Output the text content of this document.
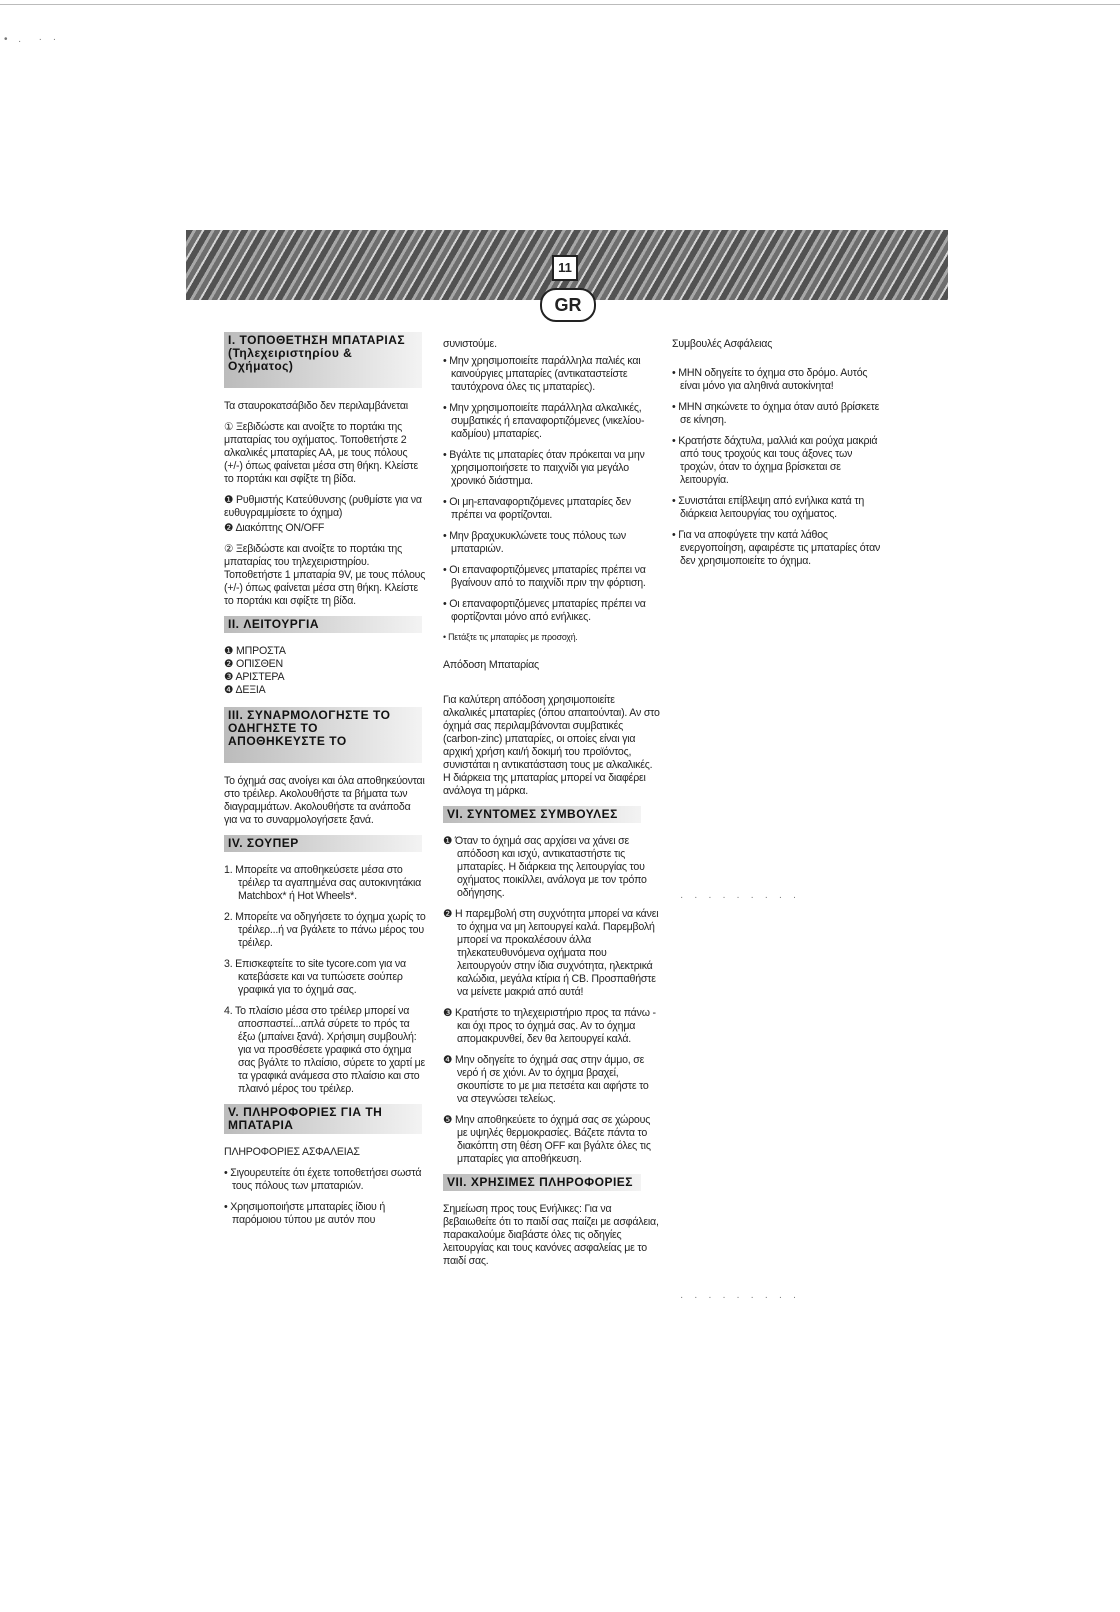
• .  · ·
11
GR
I. ΤΟΠΟΘΕΤΗΣΗ ΜΠΑΤΑΡΙΑΣ (Τηλεχειριστηρίου & Οχήματος)

Τα σταυροκατσάβιδο δεν περιλαμβάνεται

① Ξεβιδώστε και ανοίξτε το πορτάκι της μπαταρίας του οχήματος. Τοποθετήστε 2 αλκαλικές μπαταρίες ΑΑ, με τους πόλους (+/-) όπως φαίνεται μέσα στη θήκη. Κλείστε το πορτάκι και σφίξτε τη βίδα.

❶ Ρυθμιστής Κατεύθυνσης (ρυθμίστε για να ευθυγραμμίσετε το όχημα)

❷ Διακόπτης ON/OFF

② Ξεβιδώστε και ανοίξτε το πορτάκι της μπαταρίας του τηλεχειριστηρίου. Τοποθετήστε 1 μπαταρία 9V, με τους πόλους (+/-) όπως φαίνεται μέσα στη θήκη. Κλείστε το πορτάκι και σφίξτε τη βίδα.

II. ΛΕΙΤΟΥΡΓΙΑ
❶ ΜΠΡΟΣΤΑ
❷ ΟΠΙΣΘΕΝ
❸ ΑΡΙΣΤΕΡΑ
❹ ΔΕΞΙΑ
III. ΣΥΝΑΡΜΟΛΟΓΗΣΤΕ ΤΟ ΟΔΗΓΗΣΤΕ ΤΟ ΑΠΟΘΗΚΕΥΣΤΕ ΤΟ

Το όχημά σας ανοίγει και όλα αποθηκεύονται στο τρέιλερ. Ακολουθήστε τα βήματα των διαγραμμάτων. Ακολουθήστε τα ανάποδα για να το συναρμολογήσετε ξανά.

IV. ΣΟΥΠΕΡ

1. Μπορείτε να αποθηκεύσετε μέσα στο τρέιλερ τα αγαπημένα σας αυτοκινητάκια Matchbox* ή Hot Wheels*.

2. Μπορείτε να οδηγήσετε το όχημα χωρίς το τρέιλερ...ή να βγάλετε το πάνω μέρος του τρέιλερ.

3. Επισκεφτείτε το site tycore.com για να κατεβάσετε και να τυπώσετε σούπερ γραφικά για το όχημά σας.

4. Το πλαίσιο μέσα στο τρέιλερ μπορεί να αποσπαστεί...απλά σύρετε το πρός τα έξω (μπαίνει ξανά). Χρήσιμη συμβουλή: για να προσθέσετε γραφικά στο όχημα σας βγάλτε το πλαίσιο, σύρετε το χαρτί με τα γραφικά ανάμεσα στο πλαίσιο και στο πλαινό μέρος του τρέιλερ.

V. ΠΛΗΡΟΦΟΡΙΕΣ ΓΙΑ ΤΗ ΜΠΑΤΑΡΙΑ

ΠΛΗΡΟΦΟΡΙΕΣ ΑΣΦΑΛΕΙΑΣ

• Σιγουρευτείτε ότι έχετε τοποθετήσει σωστά τους πόλους των μπαταριών.

• Χρησιμοποιήστε μπαταρίες ίδιου ή παρόμοιου τύπου με αυτόν που

συνιστούμε.

• Μην χρησιμοποιείτε παράλληλα παλιές και καινούργιες μπαταρίες (αντικαταστείστε ταυτόχρονα όλες τις μπαταρίες).

• Μην χρησιμοποιείτε παράλληλα αλκαλικές, συμβατικές ή επαναφορτιζόμενες (νικελίου-καδμίου) μπαταρίες.

• Βγάλτε τις μπαταρίες όταν πρόκειται να μην χρησιμοποιήσετε το παιχνίδι για μεγάλο χρονικό διάστημα.

• Οι μη-επαναφορτιζόμενες μπαταρίες δεν πρέπει να φορτίζονται.

• Μην βραχυκυκλώνετε τους πόλους των μπαταριών.

• Οι επαναφορτιζόμενες μπαταρίες πρέπει να βγαίνουν από το παιχνίδι πριν την φόρτιση.

• Οι επαναφορτιζόμενες μπαταρίες πρέπει να φορτίζονται μόνο από ενήλικες.

• Πετάξτε τις μπαταρίες με προσοχή.

Απόδοση Μπαταρίας

Για καλύτερη απόδοση χρησιμοποιείτε αλκαλικές μπαταρίες (όπου απαιτούνται). Αν στο όχημά σας περιλαμβάνονται συμβατικές (carbon-zinc) μπαταρίες, οι οποίες είναι για αρχική χρήση και/ή δοκιμή του προϊόντος, συνιστάται η αντικατάσταση τους με αλκαλικές. Η διάρκεια της μπαταρίας μπορεί να διαφέρει ανάλογα τη μάρκα.

VI. ΣΥΝΤΟΜΕΣ ΣΥΜΒΟΥΛΕΣ

❶ Όταν το όχημά σας αρχίσει να χάνει σε απόδοση και ισχύ, αντικαταστήστε τις μπαταρίες. Η διάρκεια της λειτουργίας του οχήματος ποικίλλει, ανάλογα με τον τρόπο οδήγησης.

❷ Η παρεμβολή στη συχνότητα μπορεί να κάνει το όχημα να μη λειτουργεί καλά. Παρεμβολή μπορεί να προκαλέσουν άλλα τηλεκατευθυνόμενα οχήματα που λειτουργούν στην ίδια συχνότητα, ηλεκτρικά καλώδια, μεγάλα κτίρια ή CB. Προσπαθήστε να μείνετε μακριά από αυτά!

❸ Κρατήστε το τηλεχειριστήριο προς τα πάνω - και όχι προς το όχημά σας. Αν το όχημα απομακρυνθεί, δεν θα λειτουργεί καλά.

❹ Μην οδηγείτε το όχημά σας στην άμμο, σε νερό ή σε χιόνι. Αν το όχημα βραχεί, σκουπίστε το με μια πετσέτα και αφήστε το να στεγνώσει τελείως.

❺ Μην αποθηκεύετε το όχημά σας σε χώρους με υψηλές θερμοκρασίες. Βάζετε πάντα το διακόπτη στη θέση OFF και βγάλτε όλες τις μπαταρίες για αποθήκευση.

VII. ΧΡΗΣΙΜΕΣ ΠΛΗΡΟΦΟΡΙΕΣ

Σημείωση προς τους Ενήλικες: Για να βεβαιωθείτε ότι το παιδί σας παίζει με ασφάλεια, παρακαλούμε διαβάστε όλες τις οδηγίες λειτουργίας και τους κανόνες ασφαλείας με το παιδί σας.

Συμβουλές Ασφάλειας

• ΜΗΝ οδηγείτε το όχημα στο δρόμο. Αυτός είναι μόνο για αληθινά αυτοκίνητα!

• ΜΗΝ σηκώνετε το όχημα όταν αυτό βρίσκετε σε κίνηση.

• Κρατήστε δάχτυλα, μαλλιά και ρούχα μακριά από τους τροχούς και τους άξονες των τροχών, όταν το όχημα βρίσκεται σε λειτουργία.

• Συνιστάται επίβλεψη από ενήλικα κατά τη διάρκεια λειτουργίας του οχήματος.

• Για να αποφύγετε την κατά λάθος ενεργοποίηση, αφαιρέστε τις μπαταρίες όταν δεν χρησιμοποιείτε το όχημα.

· · · · · · · · ·
· · · · · · · · ·
